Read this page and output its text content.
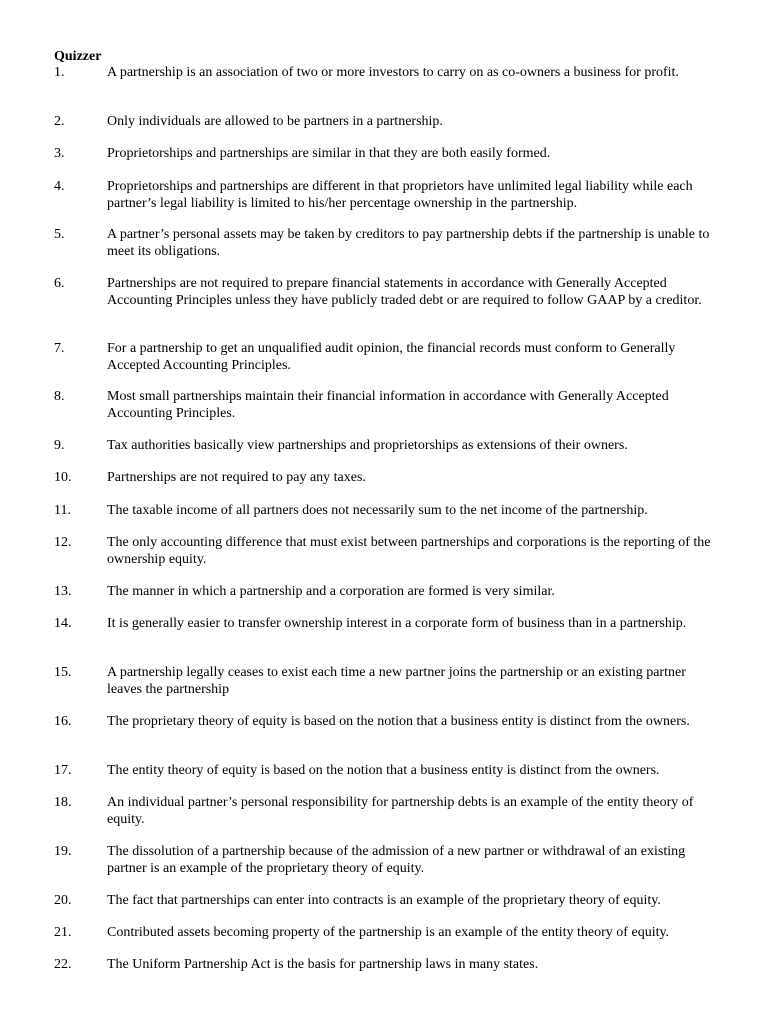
Quizzer
1.	A partnership is an association of two or more investors to carry on as co-owners a business for profit.
2.	Only individuals are allowed to be partners in a partnership.
3.	Proprietorships and partnerships are similar in that they are both easily formed.
4.	Proprietorships and partnerships are different in that proprietors have unlimited legal liability while each partner’s legal liability is limited to his/her percentage ownership in the partnership.
5.	A partner’s personal assets may be taken by creditors to pay partnership debts if the partnership is unable to meet its obligations.
6.	Partnerships are not required to prepare financial statements in accordance with Generally Accepted Accounting Principles unless they have publicly traded debt or are required to follow GAAP by a creditor.
7.	For a partnership to get an unqualified audit opinion, the financial records must conform to Generally Accepted Accounting Principles.
8.	Most small partnerships maintain their financial information in accordance with Generally Accepted Accounting Principles.
9.	Tax authorities basically view partnerships and proprietorships as extensions of their owners.
10.	Partnerships are not required to pay any taxes.
11.	The taxable income of all partners does not necessarily sum to the net income of the partnership.
12.	The only accounting difference that must exist between partnerships and corporations is the reporting of the ownership equity.
13.	The manner in which a partnership and a corporation are formed is very similar.
14.	It is generally easier to transfer ownership interest in a corporate form of business than in a partnership.
15.	A partnership legally ceases to exist each time a new partner joins the partnership or an existing partner leaves the partnership
16.	The proprietary theory of equity is based on the notion that a business entity is distinct from the owners.
17.	The entity theory of equity is based on the notion that a business entity is distinct from the owners.
18.	An individual partner’s personal responsibility for partnership debts is an example of the entity theory of equity.
19.	The dissolution of a partnership because of the admission of a new partner or withdrawal of an existing partner is an example of the proprietary theory of equity.
20.	The fact that partnerships can enter into contracts is an example of the proprietary theory of equity.
21.	Contributed assets becoming property of the partnership is an example of the entity theory of equity.
22.	The Uniform Partnership Act is the basis for partnership laws in many states.
